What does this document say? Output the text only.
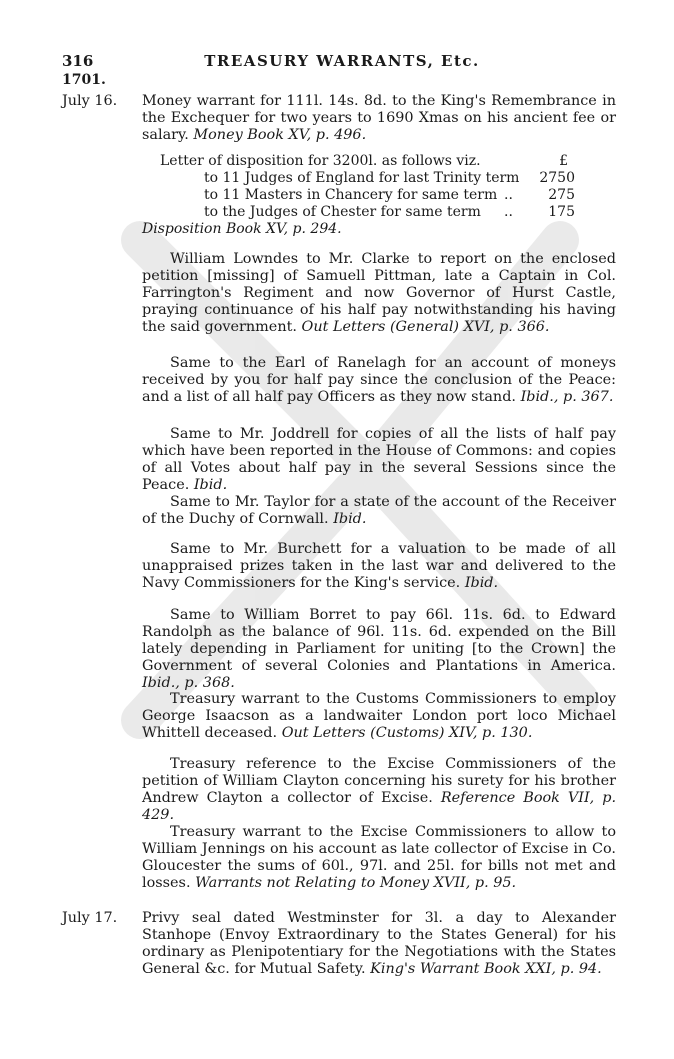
316	TREASURY WARRANTS, Etc.
1701.
July 16. Money warrant for 111l. 14s. 8d. to the King's Remembrance in the Exchequer for two years to 1690 Xmas on his ancient fee or salary. Money Book XV, p. 496.
Letter of disposition for 3200l. as follows viz.	£
to 11 Judges of England for last Trinity term 2750
to 11 Masters in Chancery for same term ..	275
to the Judges of Chester for same term ..	175
Disposition Book XV, p. 294.
William Lowndes to Mr. Clarke to report on the enclosed petition [missing] of Samuell Pittman, late a Captain in Col. Farrington's Regiment and now Governor of Hurst Castle, praying continuance of his half pay notwithstanding his having the said government. Out Letters (General) XVI, p. 366.
Same to the Earl of Ranelagh for an account of moneys received by you for half pay since the conclusion of the Peace: and a list of all half pay Officers as they now stand. Ibid., p. 367.
Same to Mr. Joddrell for copies of all the lists of half pay which have been reported in the House of Commons: and copies of all Votes about half pay in the several Sessions since the Peace. Ibid.
Same to Mr. Taylor for a state of the account of the Receiver of the Duchy of Cornwall. Ibid.
Same to Mr. Burchett for a valuation to be made of all unappraised prizes taken in the last war and delivered to the Navy Commissioners for the King's service. Ibid.
Same to William Borret to pay 66l. 11s. 6d. to Edward Randolph as the balance of 96l. 11s. 6d. expended on the Bill lately depending in Parliament for uniting [to the Crown] the Government of several Colonies and Plantations in America. Ibid., p. 368.
Treasury warrant to the Customs Commissioners to employ George Isaacson as a landwaiter London port loco Michael Whittell deceased. Out Letters (Customs) XIV, p. 130.
Treasury reference to the Excise Commissioners of the petition of William Clayton concerning his surety for his brother Andrew Clayton a collector of Excise. Reference Book VII, p. 429.
Treasury warrant to the Excise Commissioners to allow to William Jennings on his account as late collector of Excise in Co. Gloucester the sums of 60l., 97l. and 25l. for bills not met and losses. Warrants not Relating to Money XVII, p. 95.
July 17. Privy seal dated Westminster for 3l. a day to Alexander Stanhope (Envoy Extraordinary to the States General) for his ordinary as Plenipotentiary for the Negotiations with the States General &c. for Mutual Safety. King's Warrant Book XXI, p. 94.
